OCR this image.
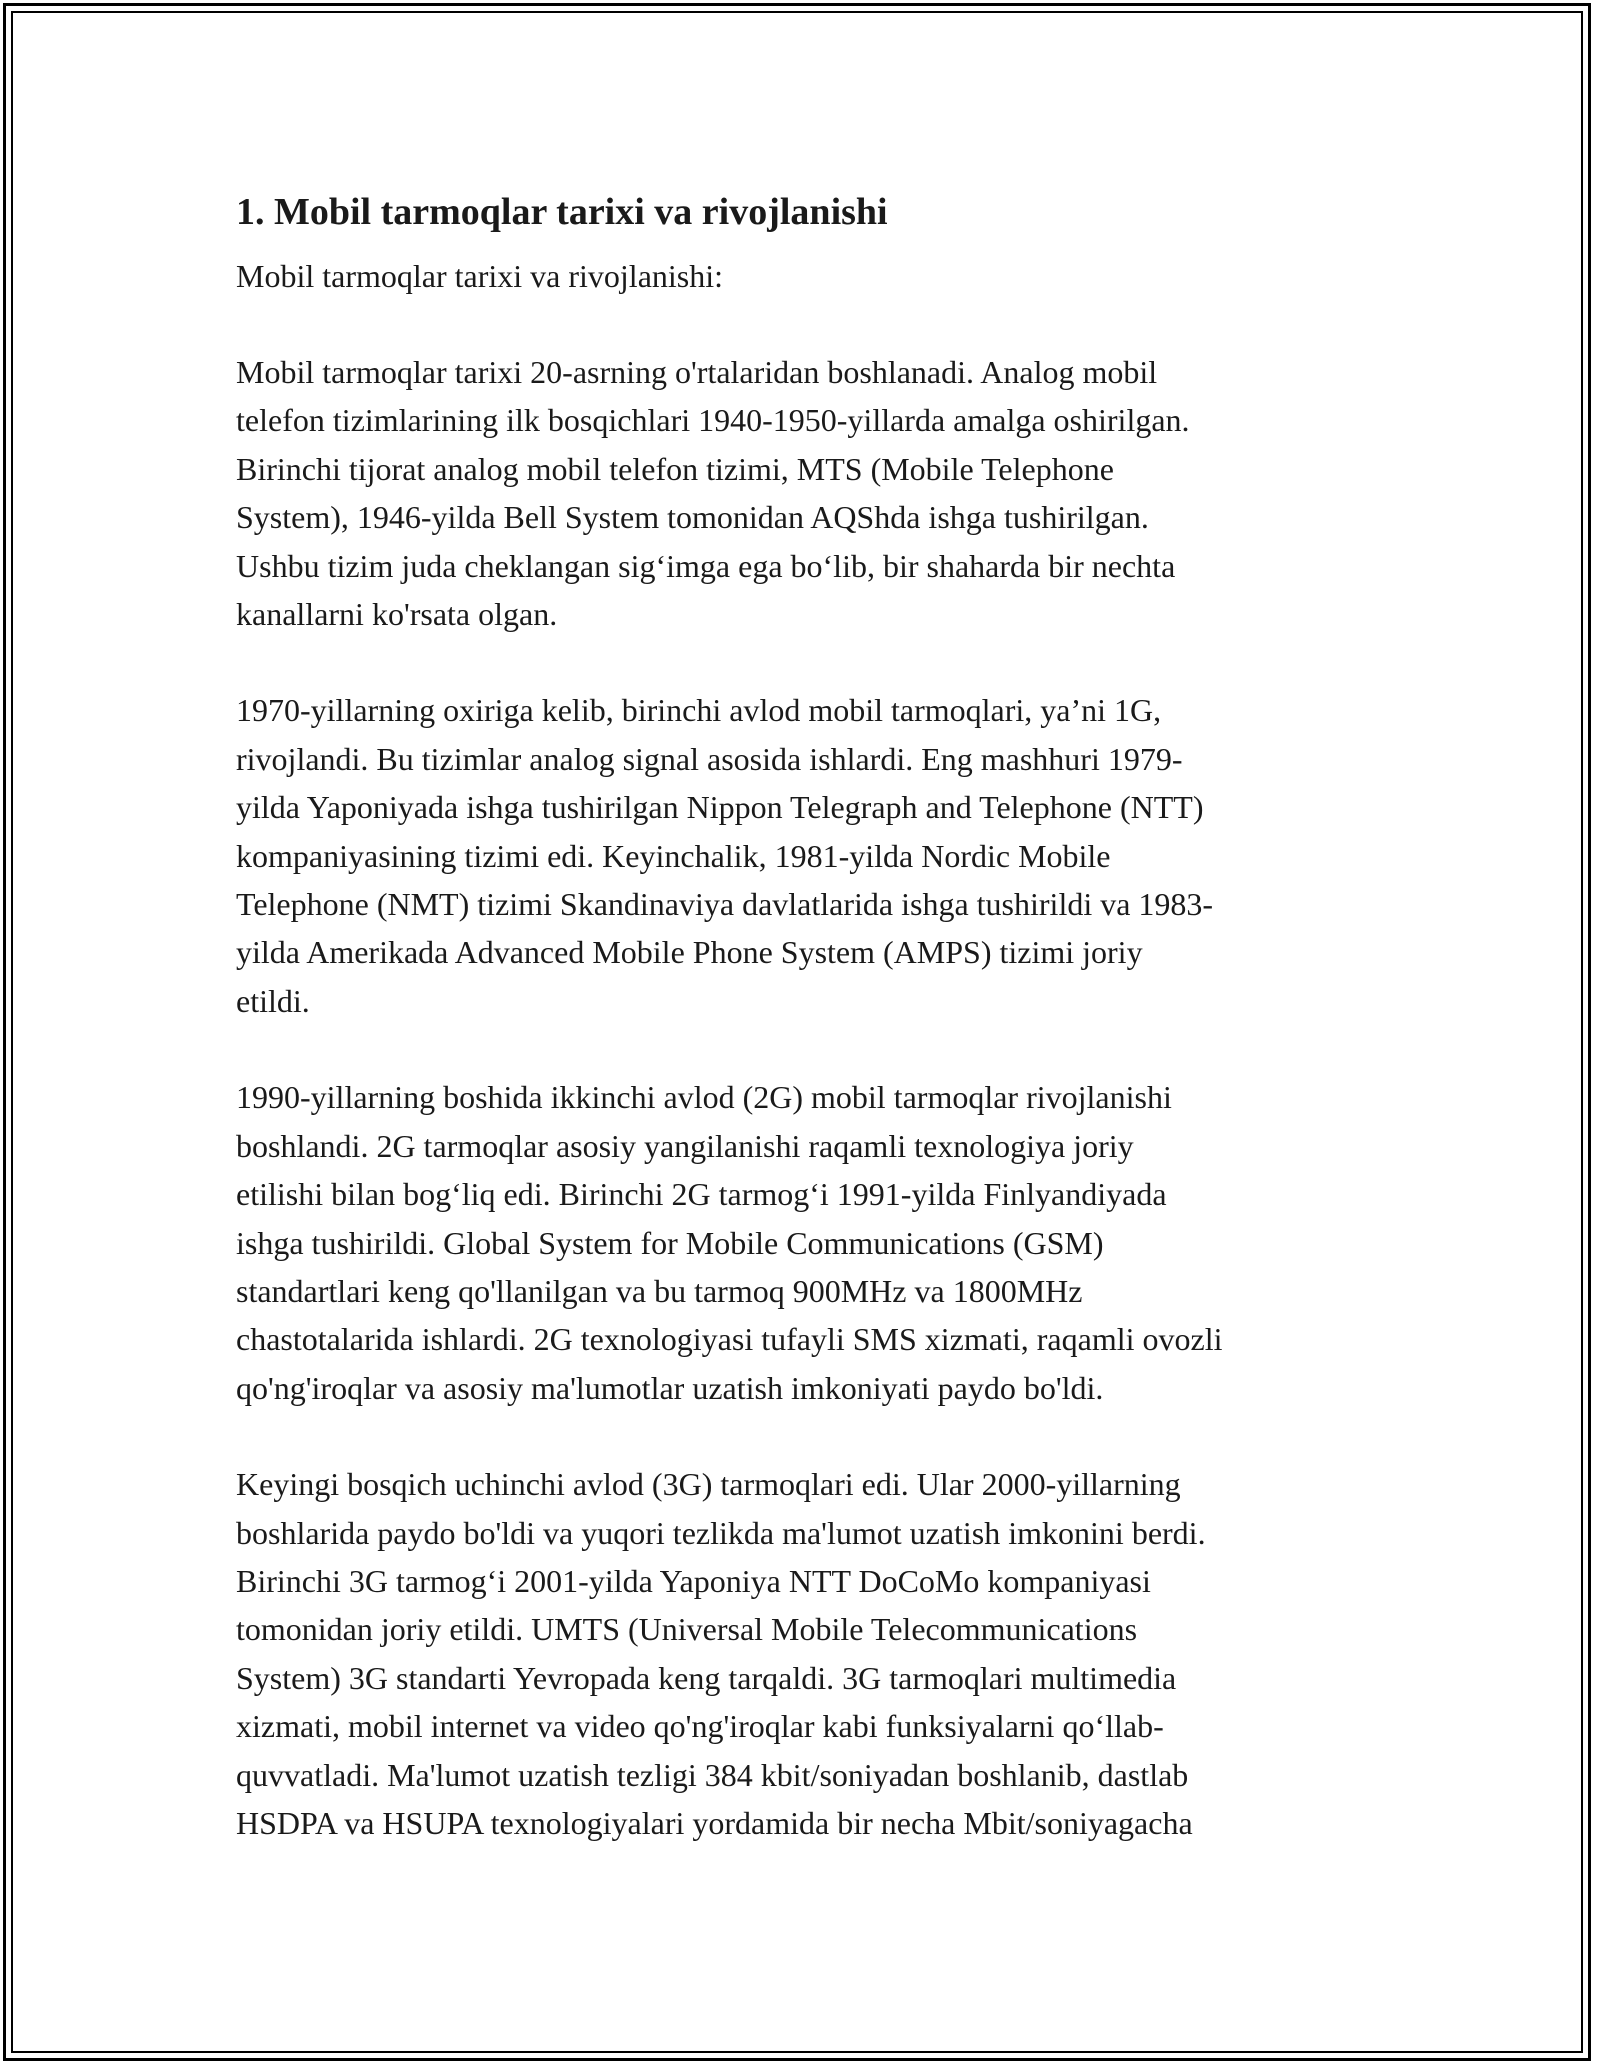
1. Mobil tarmoqlar tarixi va rivojlanishi
Mobil tarmoqlar tarixi va rivojlanishi:
Mobil tarmoqlar tarixi 20-asrning o'rtalaridan boshlanadi. Analog mobil
telefon tizimlarining ilk bosqichlari 1940-1950-yillarda amalga oshirilgan.
Birinchi tijorat analog mobil telefon tizimi, MTS (Mobile Telephone
System), 1946-yilda Bell System tomonidan AQShda ishga tushirilgan.
Ushbu tizim juda cheklangan sig‘imga ega bo‘lib, bir shaharda bir nechta
kanallarni ko'rsata olgan.
1970-yillarning oxiriga kelib, birinchi avlod mobil tarmoqlari, ya’ni 1G,
rivojlandi. Bu tizimlar analog signal asosida ishlardi. Eng mashhuri 1979-
yilda Yaponiyada ishga tushirilgan Nippon Telegraph and Telephone (NTT)
kompaniyasining tizimi edi. Keyinchalik, 1981-yilda Nordic Mobile
Telephone (NMT) tizimi Skandinaviya davlatlarida ishga tushirildi va 1983-
yilda Amerikada Advanced Mobile Phone System (AMPS) tizimi joriy
etildi.
1990-yillarning boshida ikkinchi avlod (2G) mobil tarmoqlar rivojlanishi
boshlandi. 2G tarmoqlar asosiy yangilanishi raqamli texnologiya joriy
etilishi bilan bog‘liq edi. Birinchi 2G tarmog‘i 1991-yilda Finlyandiyada
ishga tushirildi. Global System for Mobile Communications (GSM)
standartlari keng qo'llanilgan va bu tarmoq 900MHz va 1800MHz
chastotalarida ishlardi. 2G texnologiyasi tufayli SMS xizmati, raqamli ovozli
qo'ng'iroqlar va asosiy ma'lumotlar uzatish imkoniyati paydo bo'ldi.
Keyingi bosqich uchinchi avlod (3G) tarmoqlari edi. Ular 2000-yillarning
boshlarida paydo bo'ldi va yuqori tezlikda ma'lumot uzatish imkonini berdi.
Birinchi 3G tarmog‘i 2001-yilda Yaponiya NTT DoCoMo kompaniyasi
tomonidan joriy etildi. UMTS (Universal Mobile Telecommunications
System) 3G standarti Yevropada keng tarqaldi. 3G tarmoqlari multimedia
xizmati, mobil internet va video qo'ng'iroqlar kabi funksiyalarni qo‘llab-
quvvatladi. Ma'lumot uzatish tezligi 384 kbit/soniyadan boshlanib, dastlab
HSDPA va HSUPA texnologiyalari yordamida bir necha Mbit/soniyagacha
